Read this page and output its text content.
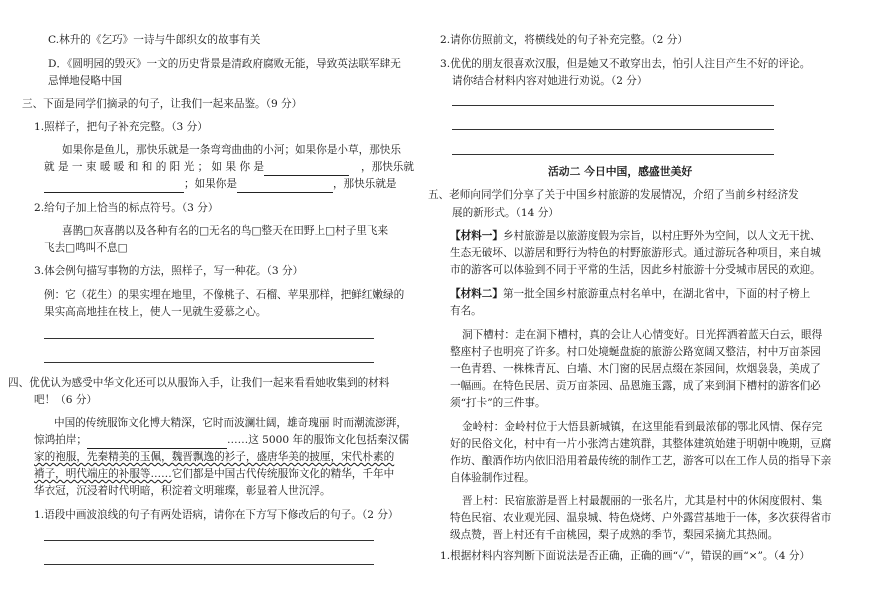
C.林升的《乞巧》一诗与牛郎织女的故事有关
D．《圆明园的毁灭》一文的历史背景是清政府腐败无能，导致英法联军肆无
忌惮地侵略中国
三、下面是同学们摘录的句子，让我们一起来品鉴。（9 分）
1.照样子，把句子补充完整。（3 分）
如果你是鱼儿，那快乐就是一条弯弯曲曲的小河；如果你是小草，那快乐
就 是 一 束 暖 暖 和 和 的 阳 光 ； 如 果 你 是	，那快乐就
；如果你是	，那快乐就是
2.给句子加上恰当的标点符号。（3 分）
喜鹊□灰喜鹊以及各种有名的□无名的鸟□整天在田野上□村子里飞来
飞去□鸣叫不息□
3.体会例句描写事物的方法，照样子，写一种花。（3 分）
例：它（花生）的果实埋在地里，不像桃子、石榴、苹果那样，把鲜红嫩绿的
果实高高地挂在枝上，使人一见就生爱慕之心。
四、优优认为感受中华文化还可以从服饰入手，让我们一起来看看她收集到的材料
吧！（6 分）
中国的传统服饰文化博大精深，它时而波澜壮阔，雄奇瑰丽 时而潮流澎湃，
惊鸿拍岸；	……这 5000 年的服饰文化包括秦汉儒
家的袍服，先秦精美的玉佩，魏晋飘逸的衫子，盛唐华美的披厘，宋代朴素的
褙子，明代端庄的补服等……它们都是中国古代传统服饰文化的精华，千年中
华衣冠，沉浸着时代明暗，积淀着文明璀璨，彰显着人世沉浮。
1.语段中画波浪线的句子有两处语病，请你在下方写下修改后的句子。（2 分）
2.请你仿照前文，将横线处的句子补充完整。（2 分）
3.优优的朋友很喜欢汉服，但是她又不敢穿出去，怕引人注目产生不好的评论。
请你结合材料内容对她进行劝说。（2 分）
活动二 今日中国，感盛世美好
五、老师向同学们分享了关于中国乡村旅游的发展情况，介绍了当前乡村经济发
展的新形式。（14 分）
【材料一】乡村旅游是以旅游度假为宗旨，以村庄野外为空间，以人文无干扰、
生态无破坏、以游居和野行为特色的村野旅游形式。通过游玩各种项目，来自城
市的游客可以体验到不同于平常的生活，因此乡村旅游十分受城市居民的欢迎。
【材料二】第一批全国乡村旅游重点村名单中，在湖北省中，下面的村子榜上
有名。
洞下槽村：走在洞下槽村，真的会让人心情变好。日光挥洒着蓝天白云，眼得
整座村子也明亮了许多。村口处境蜒盘旋的旅游公路宽阔又整洁，村中万亩茶园
一色青碧、一株株青瓦、白墙、木门窗的民居点缀在茶园间，炊烟袅袅，美成了
一幅画。在特色民居、贡万亩茶园、品恩施玉露，成了来到洞下槽村的游客们必
须“打卡”的三件事。
金岭村：金岭村位于大悟县新城镇，在这里能看到最浓郁的鄂北风情、保存完
好的民俗文化，村中有一片小张湾古建筑群，其整体建筑始建于明朝中晚期，豆腐
作坊、酿酒作坊内依旧沿用着最传统的制作工艺，游客可以在工作人员的指导下亲
自体验制作过程。
晋上村：民宿旅游是晋上村最靓丽的一张名片，尤其是村中的休闲度假村、集
特色民宿、农业观光园、温泉城、特色烧烤、户外露营基地于一体，多次获得省市
级点赞，晋上村还有千亩桃园，梨子成熟的季节，梨园采摘尤其热闹。
1.根据材料内容判断下面说法是否正确，正确的画“✓”，错误的画“×”。（4 分）
